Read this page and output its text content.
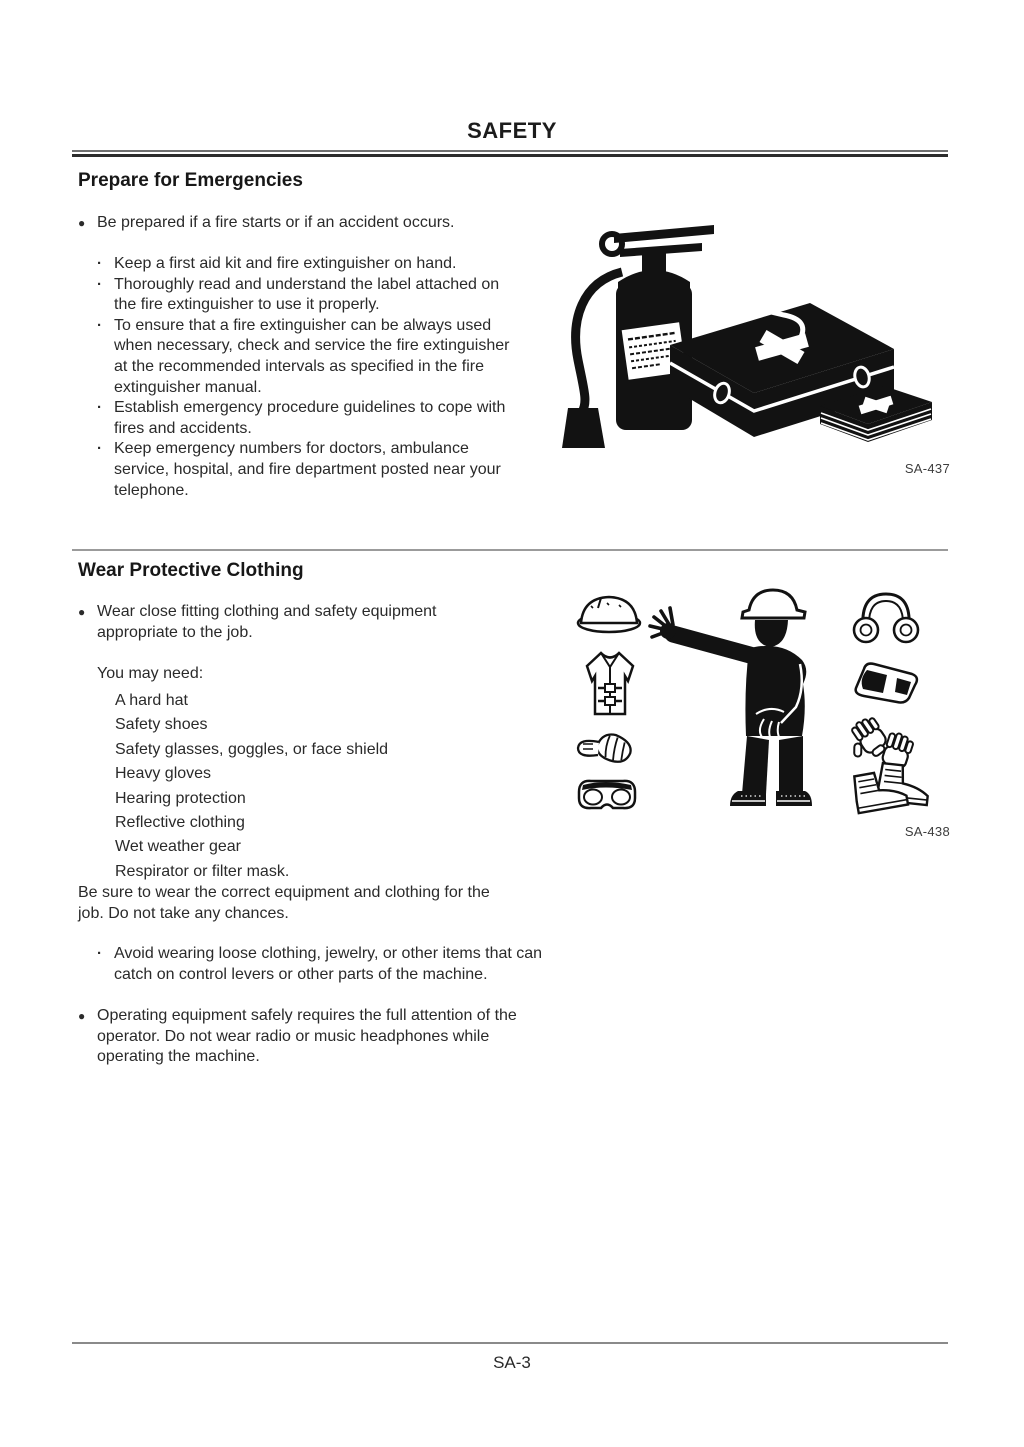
SAFETY
Prepare for Emergencies
● Be prepared if a fire starts or if an accident occurs.
· Keep a first aid kit and fire extinguisher on hand.
· Thoroughly read and understand the label attached on the fire extinguisher to use it properly.
· To ensure that a fire extinguisher can be always used when necessary, check and service the fire extinguisher at the recommended intervals as specified in the fire extinguisher manual.
· Establish emergency procedure guidelines to cope with fires and accidents.
· Keep emergency numbers for doctors, ambulance service, hospital, and fire department posted near your telephone.
SA-437
Wear Protective Clothing
● Wear close fitting clothing and safety equipment appropriate to the job.
You may need:
A hard hat
Safety shoes
Safety glasses, goggles, or face shield
Heavy gloves
Hearing protection
Reflective clothing
Wet weather gear
Respirator or filter mask.
Be sure to wear the correct equipment and clothing for the job. Do not take any chances.
· Avoid wearing loose clothing, jewelry, or other items that can catch on control levers or other parts of the machine.
● Operating equipment safely requires the full attention of the operator. Do not wear radio or music headphones while operating the machine.
SA-438
SA-3
